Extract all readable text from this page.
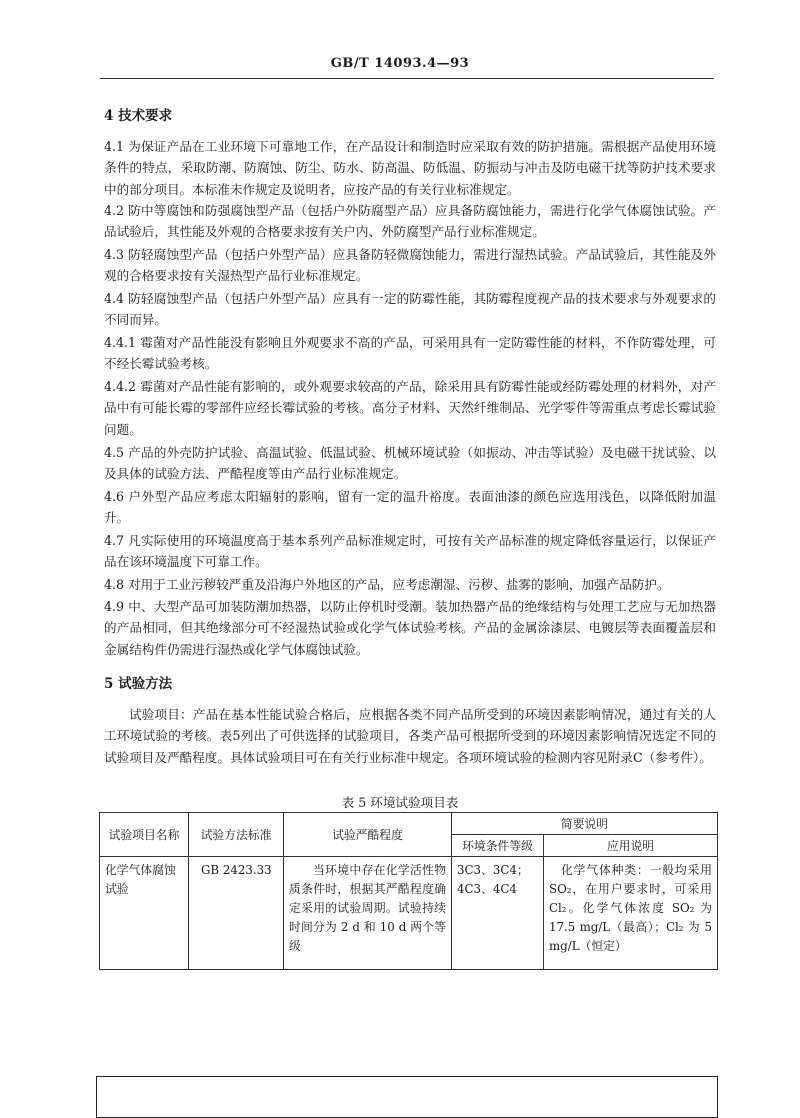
GB/T 14093.4—93
4 技术要求
4.1 为保证产品在工业环境下可靠地工作，在产品设计和制造时应采取有效的防护措施。需根据产品使用环境条件的特点，采取防潮、防腐蚀、防尘、防水、防高温、防低温、防振动与冲击及防电磁干扰等防护技术要求中的部分项目。本标准未作规定及说明者，应按产品的有关行业标准规定。
4.2 防中等腐蚀和防强腐蚀型产品（包括户外防腐型产品）应具备防腐蚀能力，需进行化学气体腐蚀试验。产品试验后，其性能及外观的合格要求按有关户内、外防腐型产品行业标准规定。
4.3 防轻腐蚀型产品（包括户外型产品）应具备防轻微腐蚀能力，需进行湿热试验。产品试验后，其性能及外观的合格要求按有关湿热型产品行业标准规定。
4.4 防轻腐蚀型产品（包括户外型产品）应具有一定的防霉性能，其防霉程度视产品的技术要求与外观要求的不同而异。
4.4.1 霉菌对产品性能没有影响且外观要求不高的产品，可采用具有一定防霉性能的材料，不作防霉处理，可不经长霉试验考核。
4.4.2 霉菌对产品性能有影响的，或外观要求较高的产品，除采用具有防霉性能或经防霉处理的材料外，对产品中有可能长霉的零部件应经长霉试验的考核。高分子材料、天然纤维制品、光学零件等需重点考虑长霉试验问题。
4.5 产品的外壳防护试验、高温试验、低温试验、机械环境试验（如振动、冲击等试验）及电磁干扰试验、以及具体的试验方法、严酷程度等由产品行业标准规定。
4.6 户外型产品应考虑太阳辐射的影响，留有一定的温升裕度。表面油漆的颜色应选用浅色，以降低附加温升。
4.7 凡实际使用的环境温度高于基本系列产品标准规定时，可按有关产品标准的规定降低容量运行，以保证产品在该环境温度下可靠工作。
4.8 对用于工业污秽较严重及沿海户外地区的产品，应考虑潮湿、污秽、盐雾的影响，加强产品防护。
4.9 中、大型产品可加装防潮加热器，以防止停机时受潮。装加热器产品的绝缘结构与处理工艺应与无加热器的产品相同，但其绝缘部分可不经湿热试验或化学气体试验考核。产品的金属涂漆层、电镀层等表面覆盖层和金属结构件仍需进行湿热或化学气体腐蚀试验。
5 试验方法
试验项目：产品在基本性能试验合格后，应根据各类不同产品所受到的环境因素影响情况，通过有关的人工环境试验的考核。表5列出了可供选择的试验项目，各类产品可根据所受到的环境因素影响情况选定不同的试验项目及严酷程度。具体试验项目可在有关行业标准中规定。各项环境试验的检测内容见附录C（参考件）。
表 5 环境试验项目表
试验项目名称	试验方法标准	试验严酷程度	简要说明	
			环境条件等级	应用说明
化学气体腐蚀试验	GB 2423.33	当环境中存在化学活性物质条件时，根据其严酷程度确定采用的试验周期。试验持续时间分为 2 d 和 10 d 两个等级	3C3、3C4；4C3、4C4	化学气体种类：一般均采用SO₂，在用户要求时，可采用Cl₂。化学气体浓度 SO₂ 为17.5 mg/L（最高）；Cl₂ 为 5 mg/L（恒定）
